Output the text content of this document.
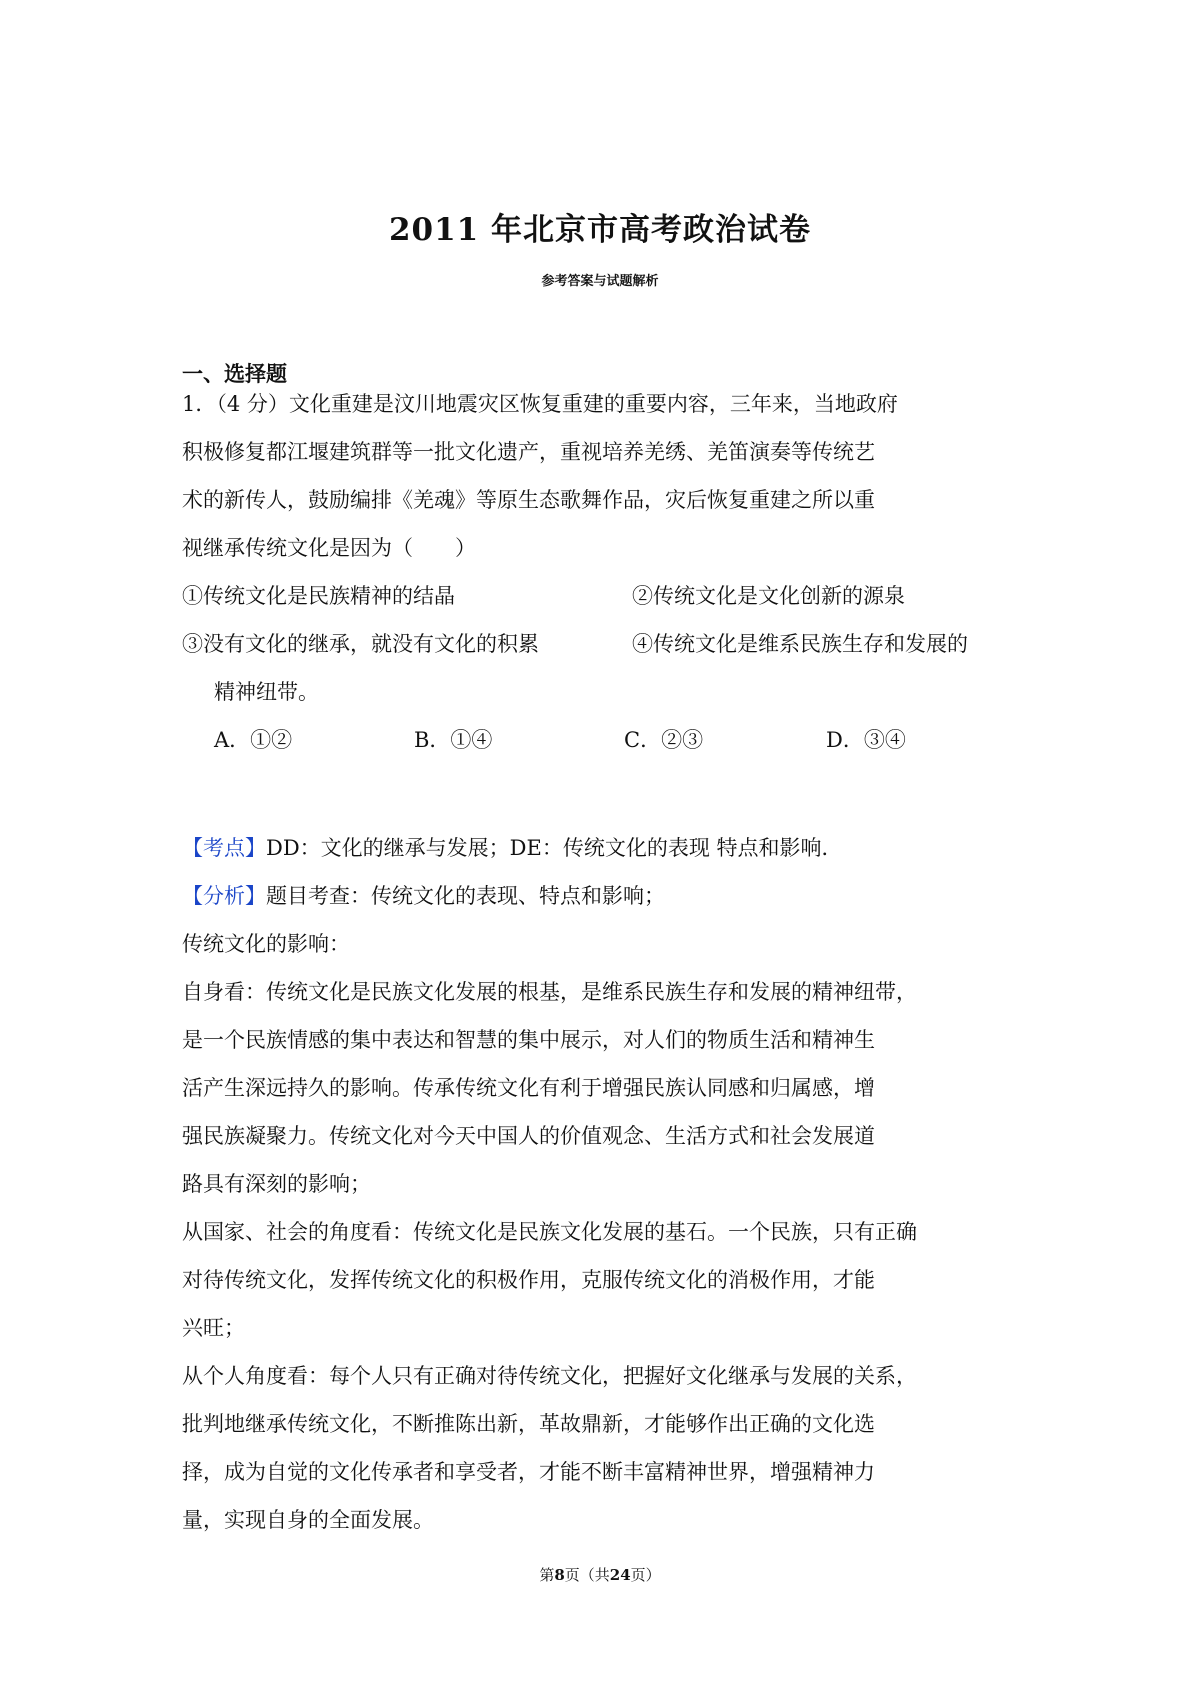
2011 年北京市高考政治试卷
参考答案与试题解析
一、选择题
1．（4 分）文化重建是汶川地震灾区恢复重建的重要内容，三年来，当地政府
积极修复都江堰建筑群等一批文化遗产，重视培养羌绣、羌笛演奏等传统艺
术的新传人，鼓励编排《羌魂》等原生态歌舞作品，灾后恢复重建之所以重
视继承传统文化是因为（　　）
①传统文化是民族精神的结晶	②传统文化是文化创新的源泉
③没有文化的继承，就没有文化的积累	④传统文化是维系民族生存和发展的
精神纽带。
A．①②	B．①④	C．②③	D．③④
【考点】DD：文化的继承与发展；DE：传统文化的表现 特点和影响．
【分析】题目考查：传统文化的表现、特点和影响；
传统文化的影响：
自身看：传统文化是民族文化发展的根基，是维系民族生存和发展的精神纽带，
是一个民族情感的集中表达和智慧的集中展示，对人们的物质生活和精神生
活产生深远持久的影响。传承传统文化有利于增强民族认同感和归属感，增
强民族凝聚力。传统文化对今天中国人的价值观念、生活方式和社会发展道
路具有深刻的影响；
从国家、社会的角度看：传统文化是民族文化发展的基石。一个民族，只有正确
对待传统文化，发挥传统文化的积极作用，克服传统文化的消极作用，才能
兴旺；
从个人角度看：每个人只有正确对待传统文化，把握好文化继承与发展的关系，
批判地继承传统文化，不断推陈出新，革故鼎新，才能够作出正确的文化选
择，成为自觉的文化传承者和享受者，才能不断丰富精神世界，增强精神力
量，实现自身的全面发展。
第8页（共24页）
